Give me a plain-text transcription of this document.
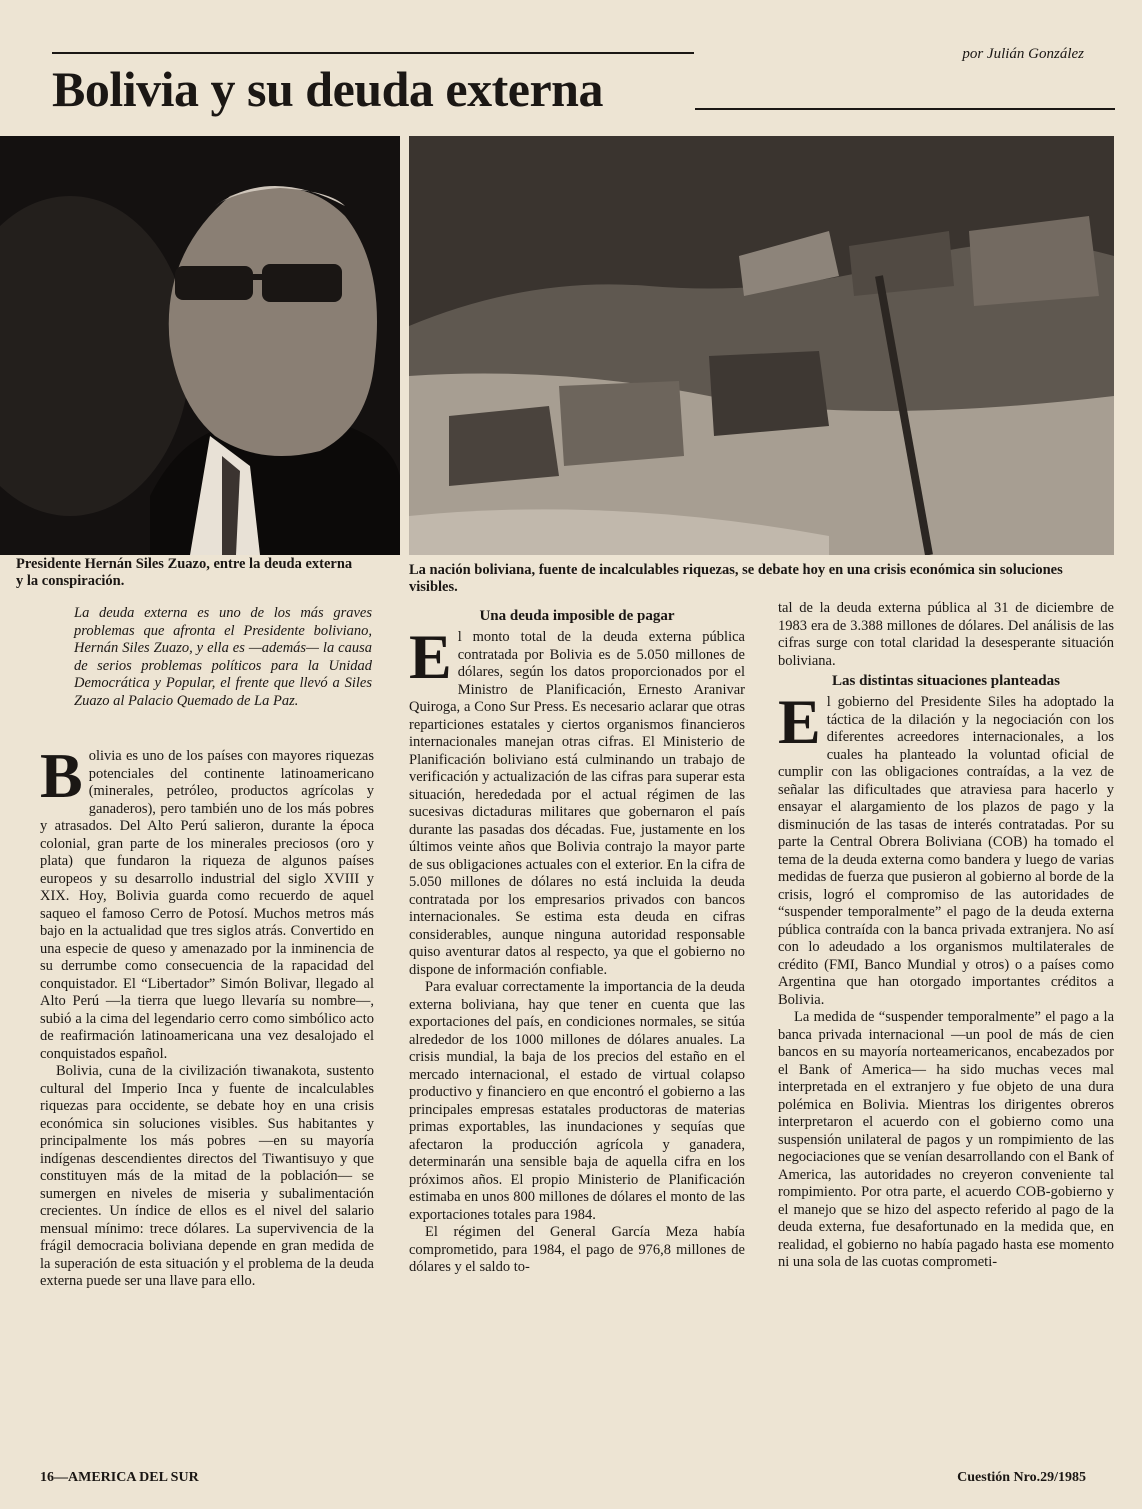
por Julián González
Bolivia y su deuda externa

Presidente Hernán Siles Zuazo, entre la deuda externa y la conspiración.

La nación boliviana, fuente de incalculables riquezas, se debate hoy en una crisis económica sin soluciones visibles.

La deuda externa es uno de los más graves problemas que afronta el Presidente boliviano, Hernán Siles Zuazo, y ella es —además— la causa de serios problemas políticos para la Unidad Democrática y Popular, el frente que llevó a Siles Zuazo al Palacio Quemado de La Paz.

Bolivia es uno de los países con mayores riquezas potenciales del continente latinoamericano (minerales, petróleo, productos agrícolas y ganaderos), pero también uno de los más pobres y atrasados. Del Alto Perú salieron, durante la época colonial, gran parte de los minerales preciosos (oro y plata) que fundaron la riqueza de algunos países europeos y su desarrollo industrial del siglo XVIII y XIX. Hoy, Bolivia guarda como recuerdo de aquel saqueo el famoso Cerro de Potosí. Muchos metros más bajo en la actualidad que tres siglos atrás. Convertido en una especie de queso y amenazado por la inminencia de su derrumbe como consecuencia de la rapacidad del conquistador. El “Libertador” Simón Bolivar, llegado al Alto Perú —la tierra que luego llevaría su nombre—, subió a la cima del legendario cerro como simbólico acto de reafirmación latinoamericana una vez desalojado el conquistados español.

Bolivia, cuna de la civilización tiwanakota, sustento cultural del Imperio Inca y fuente de incalculables riquezas para occidente, se debate hoy en una crisis económica sin soluciones visibles. Sus habitantes y principalmente los más pobres —en su mayoría indígenas descendientes directos del Tiwantisuyo y que constituyen más de la mitad de la población— se sumergen en niveles de miseria y subalimentación crecientes. Un índice de ellos es el nivel del salario mensual mínimo: trece dólares. La supervivencia de la frágil democracia boliviana depende en gran medida de la superación de esta situación y el problema de la deuda externa puede ser una llave para ello.

Una deuda imposible de pagar

El monto total de la deuda externa pública contratada por Bolivia es de 5.050 millones de dólares, según los datos proporcionados por el Ministro de Planificación, Ernesto Aranivar Quiroga, a Cono Sur Press. Es necesario aclarar que otras reparticiones estatales y ciertos organismos financieros internacionales manejan otras cifras. El Ministerio de Planificación boliviano está culminando un trabajo de verificación y actualización de las cifras para superar esta situación, herededada por el actual régimen de las sucesivas dictaduras militares que gobernaron el país durante las pasadas dos décadas. Fue, justamente en los últimos veinte años que Bolivia contrajo la mayor parte de sus obligaciones actuales con el exterior. En la cifra de 5.050 millones de dólares no está incluida la deuda contratada por los empresarios privados con bancos internacionales. Se estima esta deuda en cifras considerables, aunque ninguna autoridad responsable quiso aventurar datos al respecto, ya que el gobierno no dispone de información confiable.

Para evaluar correctamente la importancia de la deuda externa boliviana, hay que tener en cuenta que las exportaciones del país, en condiciones normales, se sitúa alrededor de los 1000 millones de dólares anuales. La crisis mundial, la baja de los precios del estaño en el mercado internacional, el estado de virtual colapso productivo y financiero en que encontró el gobierno a las principales empresas estatales productoras de materias primas exportables, las inundaciones y sequías que afectaron la producción agrícola y ganadera, determinarán una sensible baja de aquella cifra en los próximos años. El propio Ministerio de Planificación estimaba en unos 800 millones de dólares el monto de las exportaciones totales para 1984.

El régimen del General García Meza había comprometido, para 1984, el pago de 976,8 millones de dólares y el saldo to-

tal de la deuda externa pública al 31 de diciembre de 1983 era de 3.388 millones de dólares. Del análisis de las cifras surge con total claridad la desesperante situación boliviana.

Las distintas situaciones planteadas

El gobierno del Presidente Siles ha adoptado la táctica de la dilación y la negociación con los diferentes acreedores internacionales, a los cuales ha planteado la voluntad oficial de cumplir con las obligaciones contraídas, a la vez de señalar las dificultades que atraviesa para hacerlo y ensayar el alargamiento de los plazos de pago y la disminución de las tasas de interés contratadas. Por su parte la Central Obrera Boliviana (COB) ha tomado el tema de la deuda externa como bandera y luego de varias medidas de fuerza que pusieron al gobierno al borde de la crisis, logró el compromiso de las autoridades de “suspender temporalmente” el pago de la deuda externa pública contraída con la banca privada extranjera. No así con lo adeudado a los organismos multilaterales de crédito (FMI, Banco Mundial y otros) o a países como Argentina que han otorgado importantes créditos a Bolivia.

La medida de “suspender temporalmente” el pago a la banca privada internacional —un pool de más de cien bancos en su mayoría norteamericanos, encabezados por el Bank of America— ha sido muchas veces mal interpretada en el extranjero y fue objeto de una dura polémica en Bolivia. Mientras los dirigentes obreros interpretaron el acuerdo con el gobierno como una suspensión unilateral de pagos y un rompimiento de las negociaciones que se venían desarrollando con el Bank of America, las autoridades no creyeron conveniente tal rompimiento. Por otra parte, el acuerdo COB-gobierno y el manejo que se hizo del aspecto referido al pago de la deuda externa, fue desafortunado en la medida que, en realidad, el gobierno no había pagado hasta ese momento ni una sola de las cuotas comprometi-

16—AMERICA DEL SUR	Cuestión Nro.29/1985
